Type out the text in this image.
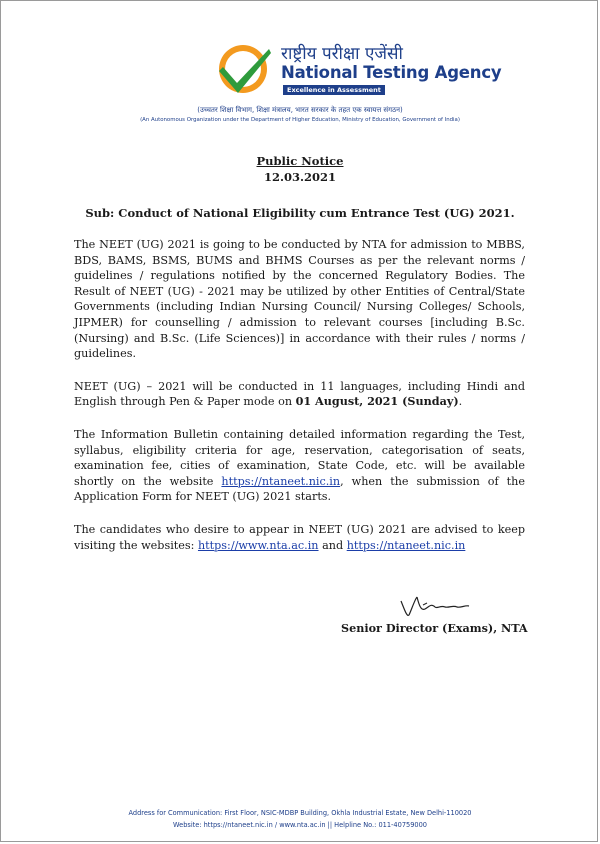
राष्ट्रीय परीक्षा एजेंसी
National Testing Agency
Excellence in Assessment
(उच्चतर शिक्षा विभाग, शिक्षा मंत्रालय, भारत सरकार के तहत एक स्वायत्त संगठन)
(An Autonomous Organization under the Department of Higher Education, Ministry of Education, Government of India)
Public Notice
12.03.2021
Sub: Conduct of National Eligibility cum Entrance Test (UG) 2021.

The NEET (UG) 2021 is going to be conducted by NTA for admission to MBBS, BDS, BAMS, BSMS, BUMS and BHMS Courses as per the relevant norms / guidelines / regulations notified by the concerned Regulatory Bodies. The Result of NEET (UG) - 2021 may be utilized by other Entities of Central/State Governments (including Indian Nursing Council/ Nursing Colleges/ Schools, JIPMER) for counselling / admission to relevant courses [including B.Sc. (Nursing) and B.Sc. (Life Sciences)] in accordance with their rules / norms / guidelines.

NEET (UG) – 2021 will be conducted in 11 languages, including Hindi and English through Pen & Paper mode on 01 August, 2021 (Sunday).

The Information Bulletin containing detailed information regarding the Test, syllabus, eligibility criteria for age, reservation, categorisation of seats, examination fee, cities of examination, State Code, etc. will be available shortly on the website https://ntaneet.nic.in, when the submission of the Application Form for NEET (UG) 2021 starts.

The candidates who desire to appear in NEET (UG) 2021 are advised to keep visiting the websites: https://www.nta.ac.in and https://ntaneet.nic.in

Senior Director (Exams), NTA
Address for Communication: First Floor, NSIC-MDBP Building, Okhla Industrial Estate, New Delhi-110020
Website: https://ntaneet.nic.in / www.nta.ac.in || Helpline No.: 011-40759000
